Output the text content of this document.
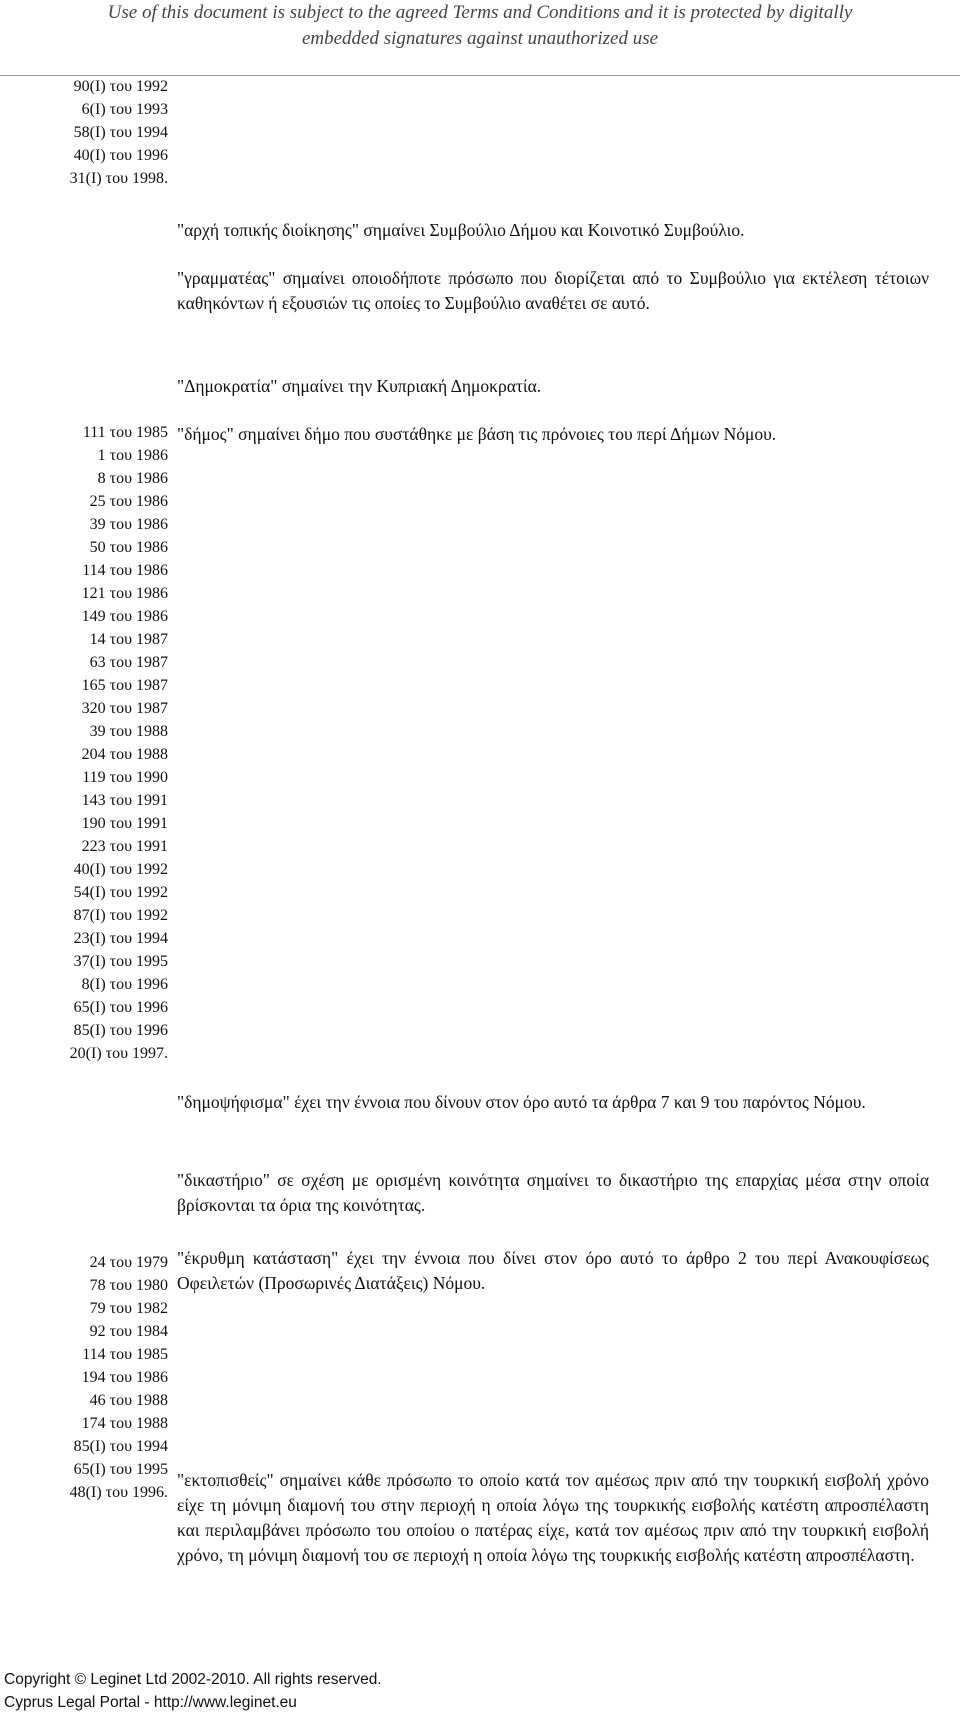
Use of this document is subject to the agreed Terms and Conditions and it is protected by digitally
embedded signatures against unauthorized use
90(Ι) του 1992
6(Ι) του 1993
58(Ι) του 1994
40(Ι) του 1996
31(Ι) του 1998.
111 του 1985
1 του 1986
8 του 1986
25 του 1986
39 του 1986
50 του 1986
114 του 1986
121 του 1986
149 του 1986
14 του 1987
63 του 1987
165 του 1987
320 του 1987
39 του 1988
204 του 1988
119 του 1990
143 του 1991
190 του 1991
223 του 1991
40(Ι) του 1992
54(Ι) του 1992
87(Ι) του 1992
23(Ι) του 1994
37(Ι) του 1995
8(Ι) του 1996
65(Ι) του 1996
85(Ι) του 1996
20(Ι) του 1997.
24 του 1979
78 του 1980
79 του 1982
92 του 1984
114 του 1985
194 του 1986
46 του 1988
174 του 1988
85(Ι) του 1994
65(Ι) του 1995
48(Ι) του 1996.

"αρχή τοπικής διοίκησης" σημαίνει Συμβούλιο Δήμου και Κοινοτικό Συμβούλιο.

"γραμματέας" σημαίνει οποιοδήποτε πρόσωπο που διορίζεται από το Συμβούλιο για εκτέλεση τέτοιων καθηκόντων ή εξουσιών τις οποίες το Συμβούλιο αναθέτει σε αυτό.

"Δημοκρατία" σημαίνει την Κυπριακή Δημοκρατία.

"δήμος" σημαίνει δήμο που συστάθηκε με βάση τις πρόνοιες του περί Δήμων Νόμου.

"δημοψήφισμα" έχει την έννοια που δίνουν στον όρο αυτό τα άρθρα 7 και 9 του παρόντος Νόμου.

"δικαστήριο" σε σχέση με ορισμένη κοινότητα σημαίνει το δικαστήριο της επαρχίας μέσα στην οποία βρίσκονται τα όρια της κοινότητας.

"έκρυθμη κατάσταση" έχει την έννοια που δίνει στον όρο αυτό το άρθρο 2 του περί Ανακουφίσεως Οφειλετών (Προσωρινές Διατάξεις) Νόμου.

"εκτοπισθείς" σημαίνει κάθε πρόσωπο το οποίο κατά τον αμέσως πριν από την τουρκική εισβολή χρόνο είχε τη μόνιμη διαμονή του στην περιοχή η οποία λόγω της τουρκικής εισβολής κατέστη απροσπέλαστη και περιλαμβάνει πρόσωπο του οποίου ο πατέρας είχε, κατά τον αμέσως πριν από την τουρκική εισβολή χρόνο, τη μόνιμη διαμονή του σε περιοχή η οποία λόγω της τουρκικής εισβολής κατέστη απροσπέλαστη.

Copyright © Leginet Ltd 2002-2010. All rights reserved.
Cyprus Legal Portal - http://www.leginet.eu
